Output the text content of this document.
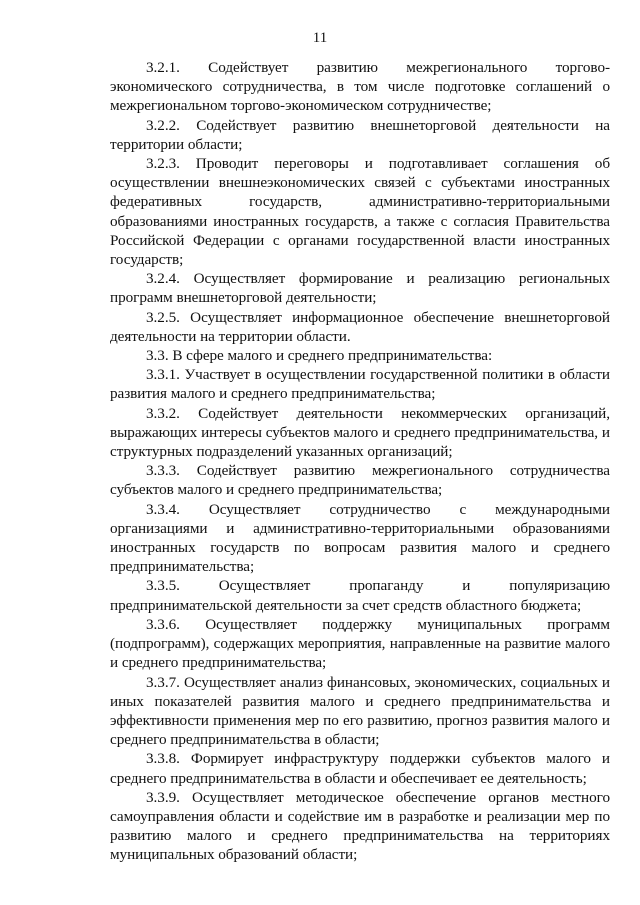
11

3.2.1. Содействует развитию межрегионального торгово-экономического сотрудничества, в том числе подготовке соглашений о межрегиональном торгово-экономическом сотрудничестве;

3.2.2. Содействует развитию внешнеторговой деятельности на территории области;

3.2.3. Проводит переговоры и подготавливает соглашения об осуществлении внешнеэкономических связей с субъектами иностранных федеративных государств, административно-территориальными образованиями иностранных государств, а также с согласия Правительства Российской Федерации с органами государственной власти иностранных государств;

3.2.4. Осуществляет формирование и реализацию региональных программ внешнеторговой деятельности;

3.2.5. Осуществляет информационное обеспечение внешнеторговой деятельности на территории области.

3.3. В сфере малого и среднего предпринимательства:

3.3.1. Участвует в осуществлении государственной политики в области развития малого и среднего предпринимательства;

3.3.2. Содействует деятельности некоммерческих организаций, выражающих интересы субъектов малого и среднего предпринимательства, и структурных подразделений указанных организаций;

3.3.3. Содействует развитию межрегионального сотрудничества субъектов малого и среднего предпринимательства;

3.3.4. Осуществляет сотрудничество с международными организациями и административно-территориальными образованиями иностранных государств по вопросам развития малого и среднего предпринимательства;

3.3.5. Осуществляет пропаганду и популяризацию предпринимательской деятельности за счет средств областного бюджета;

3.3.6. Осуществляет поддержку муниципальных программ (подпрограмм), содержащих мероприятия, направленные на развитие малого и среднего предпринимательства;

3.3.7. Осуществляет анализ финансовых, экономических, социальных и иных показателей развития малого и среднего предпринимательства и эффективности применения мер по его развитию, прогноз развития малого и среднего предпринимательства в области;

3.3.8. Формирует инфраструктуру поддержки субъектов малого и среднего предпринимательства в области и обеспечивает ее деятельность;

3.3.9. Осуществляет методическое обеспечение органов местного самоуправления области и содействие им в разработке и реализации мер по развитию малого и среднего предпринимательства на территориях муниципальных образований области;
